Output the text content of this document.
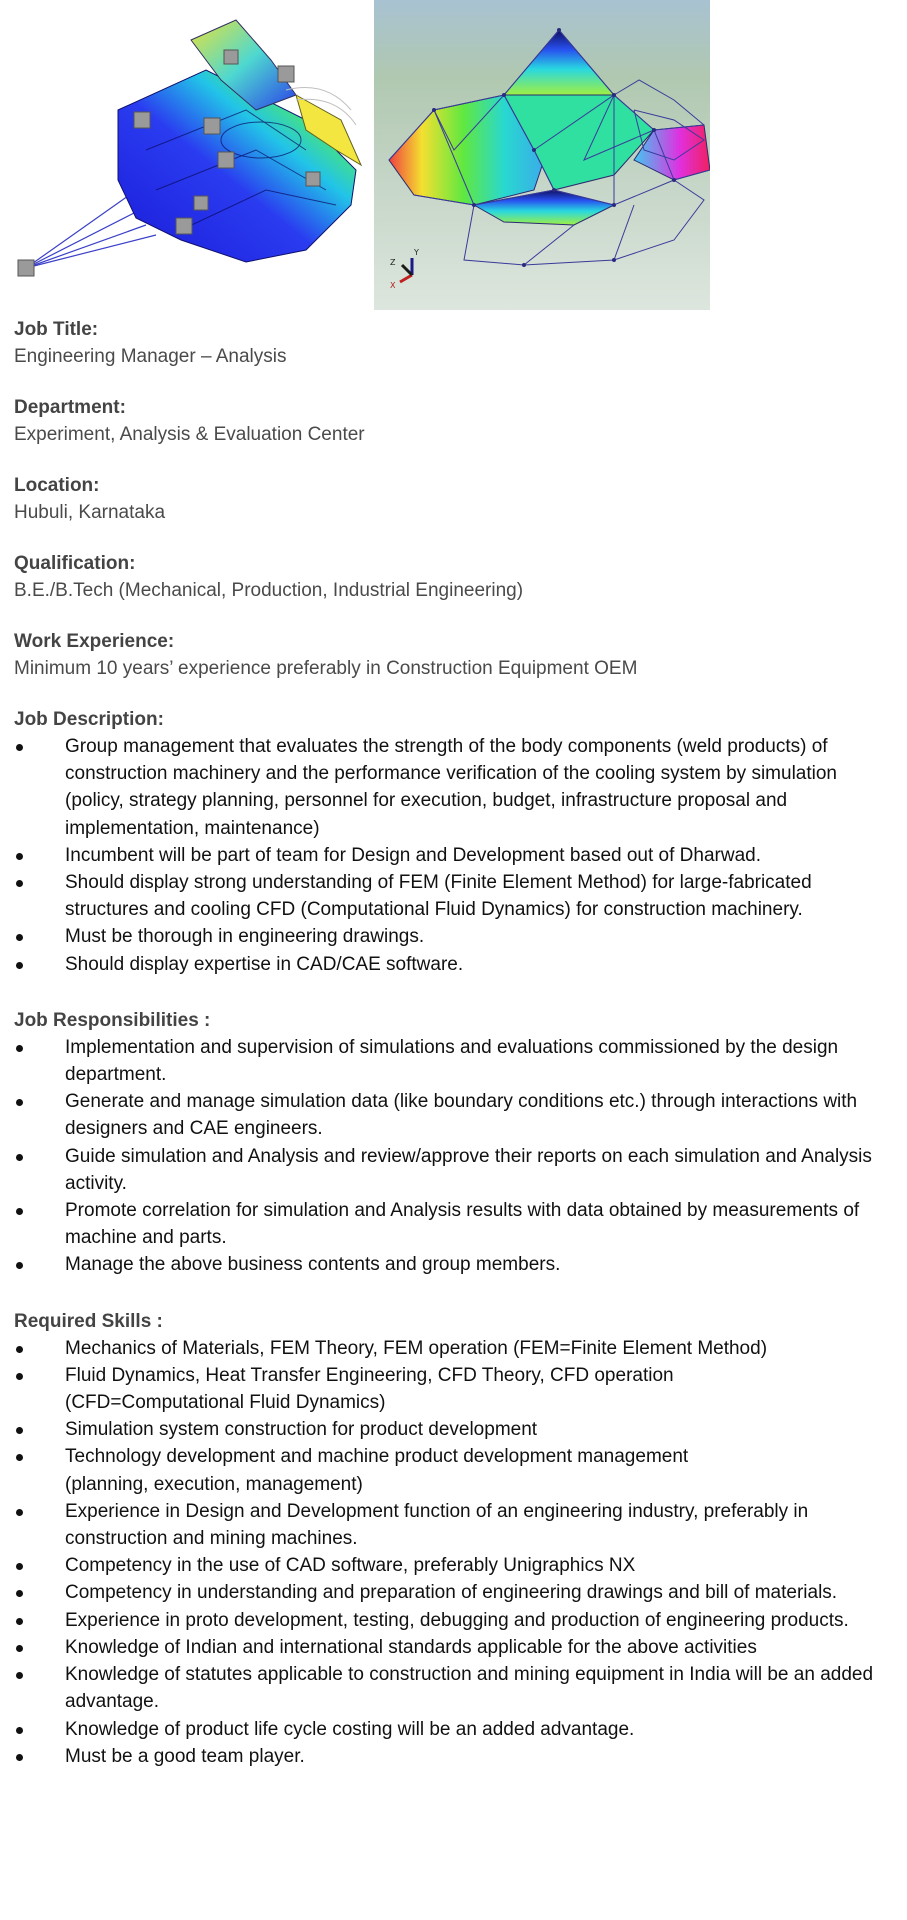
Y
Z
X

Job Title:

Engineering Manager – Analysis

Department:

Experiment, Analysis & Evaluation Center

Location:

Hubuli, Karnataka

Qualification:

B.E./B.Tech (Mechanical, Production, Industrial Engineering)

Work Experience:

Minimum 10 years’ experience preferably in Construction Equipment OEM

Job Description:

Group management that evaluates the strength of the body components (weld products) of construction machinery and the performance verification of the cooling system by simulation (policy, strategy planning, personnel for execution, budget, infrastructure proposal and implementation, maintenance)
Incumbent will be part of team for Design and Development based out of Dharwad.
Should display strong understanding of FEM (Finite Element Method) for large-fabricated structures and cooling CFD (Computational Fluid Dynamics) for construction machinery.
Must be thorough in engineering drawings.
Should display expertise in CAD/CAE software.

Job Responsibilities :

Implementation and supervision of simulations and evaluations commissioned by the design department.
Generate and manage simulation data (like boundary conditions etc.) through interactions with designers and CAE engineers.
Guide simulation and Analysis and review/approve their reports on each simulation and Analysis activity.
Promote correlation for simulation and Analysis results with data obtained by measurements of machine and parts.
Manage the above business contents and group members.

Required Skills :

Mechanics of Materials, FEM Theory, FEM operation (FEM=Finite Element Method)
Fluid Dynamics, Heat Transfer Engineering, CFD Theory, CFD operation
(CFD=Computational Fluid Dynamics)
Simulation system construction for product development
Technology development and machine product development management
(planning, execution, management)
Experience in Design and Development function of an engineering industry, preferably in construction and mining machines.
Competency in the use of CAD software, preferably Unigraphics NX
Competency in understanding and preparation of engineering drawings and bill of materials.
Experience in proto development, testing, debugging and production of engineering products.
Knowledge of Indian and international standards applicable for the above activities
Knowledge of statutes applicable to construction and mining equipment in India will be an added advantage.
Knowledge of product life cycle costing will be an added advantage.
Must be a good team player.
